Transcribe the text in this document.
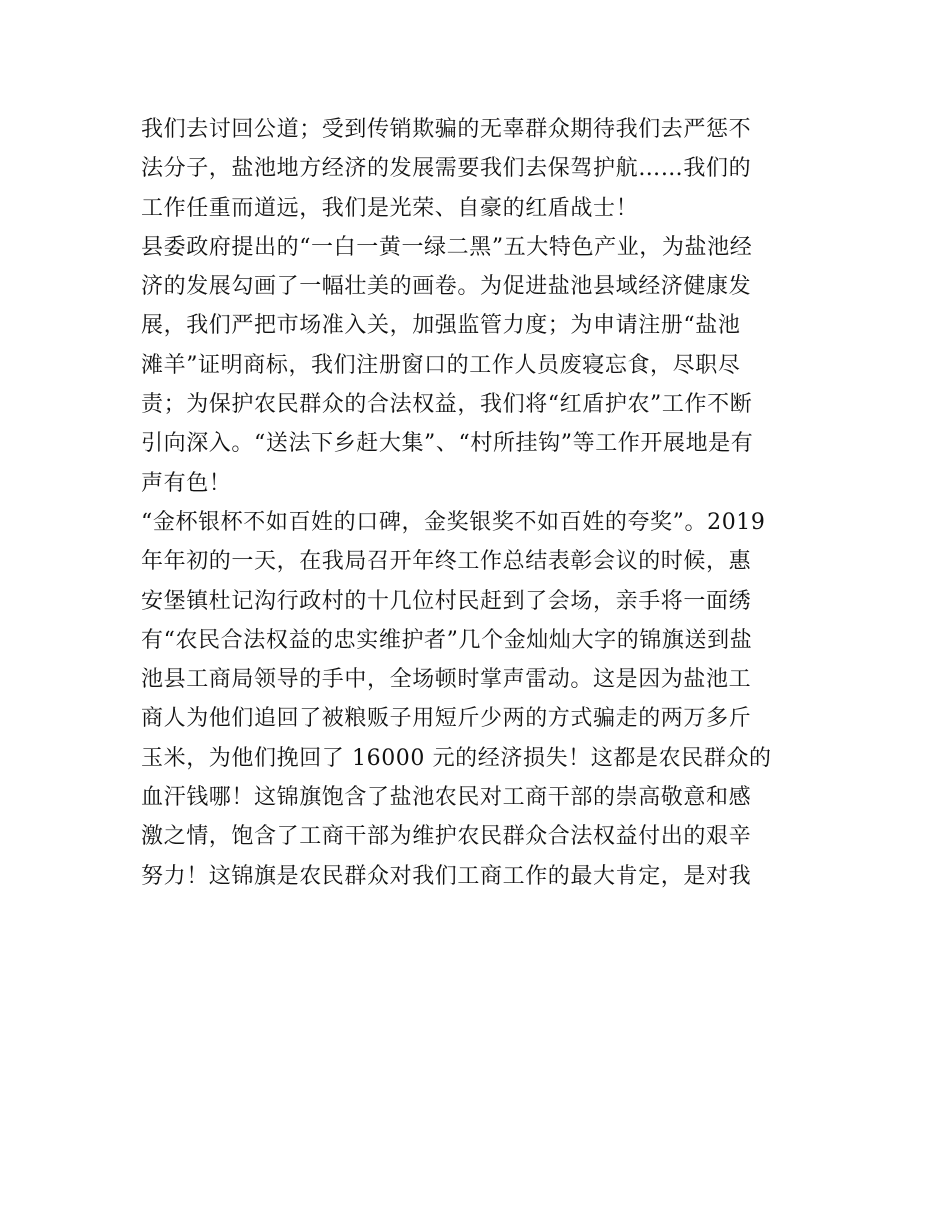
我们去讨回公道；受到传销欺骗的无辜群众期待我们去严惩不
法分子，盐池地方经济的发展需要我们去保驾护航……我们的
工作任重而道远，我们是光荣、自豪的红盾战士！
县委政府提出的“一白一黄一绿二黑”五大特色产业，为盐池经
济的发展勾画了一幅壮美的画卷。为促进盐池县域经济健康发
展，我们严把市场准入关，加强监管力度；为申请注册“盐池
滩羊”证明商标，我们注册窗口的工作人员废寝忘食，尽职尽
责；为保护农民群众的合法权益，我们将“红盾护农”工作不断
引向深入。“送法下乡赶大集”、“村所挂钩”等工作开展地是有
声有色！
“金杯银杯不如百姓的口碑，金奖银奖不如百姓的夸奖”。2019
年年初的一天，在我局召开年终工作总结表彰会议的时候，惠
安堡镇杜记沟行政村的十几位村民赶到了会场，亲手将一面绣
有“农民合法权益的忠实维护者”几个金灿灿大字的锦旗送到盐
池县工商局领导的手中，全场顿时掌声雷动。这是因为盐池工
商人为他们追回了被粮贩子用短斤少两的方式骗走的两万多斤
玉米，为他们挽回了 16000 元的经济损失！这都是农民群众的
血汗钱哪！这锦旗饱含了盐池农民对工商干部的崇高敬意和感
激之情，饱含了工商干部为维护农民群众合法权益付出的艰辛
努力！这锦旗是农民群众对我们工商工作的最大肯定，是对我
